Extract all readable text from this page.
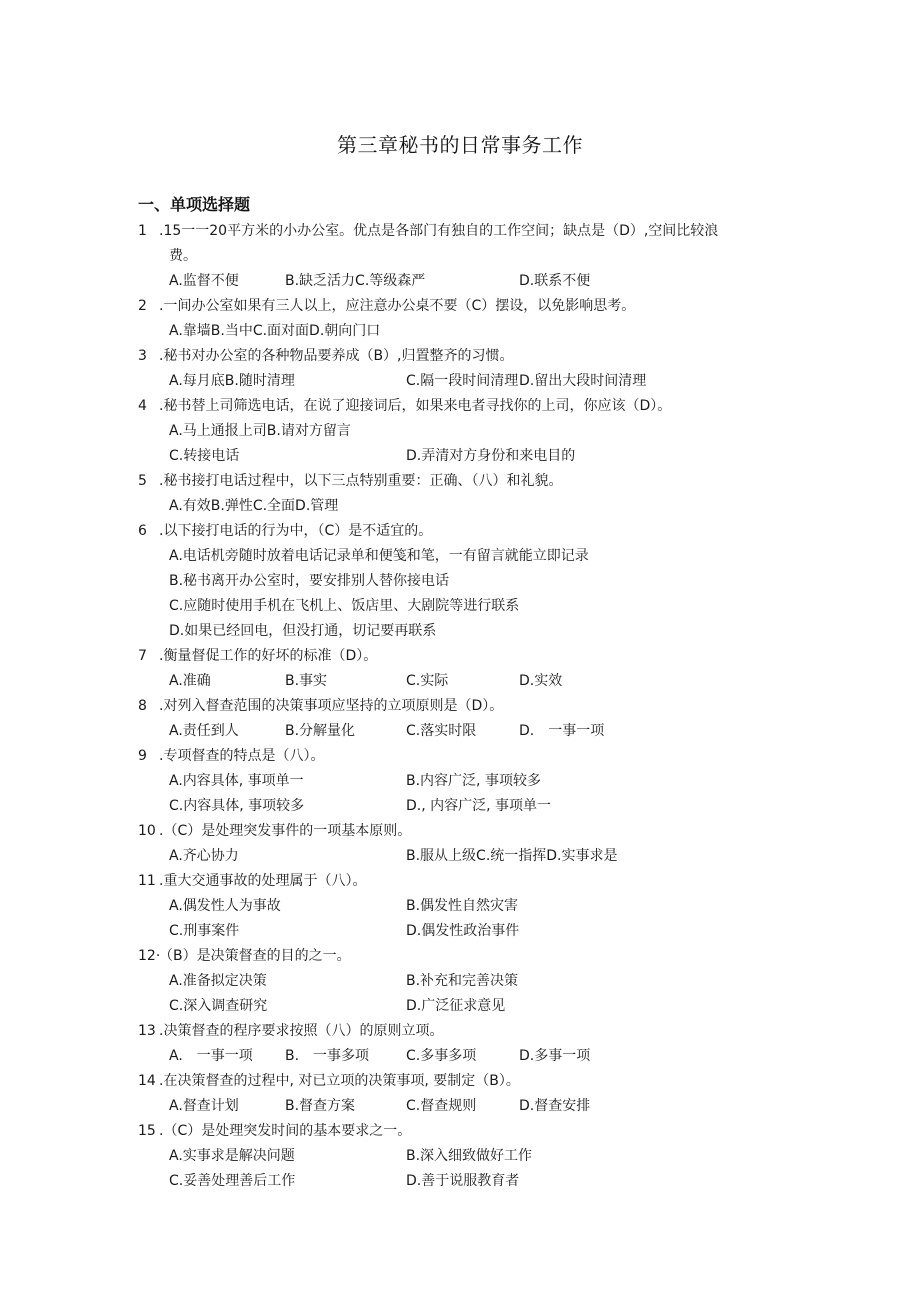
第三章秘书的日常事务工作
一、单项选择题
1 .15一一20平方米的小办公室。优点是各部门有独自的工作空间；缺点是（D）,空间比较浪
费。
A.监督不便	B.缺乏活力C.等级森严	D.联系不便
2 .一间办公室如果有三人以上，应注意办公桌不要（C）摆设，以免影响思考。
A.靠墙B.当中C.面对面D.朝向门口
3 .秘书对办公室的各种物品要养成（B）,归置整齐的习惯。
A.每月底B.随时清理	C.隔一段时间清理 D.留出大段时间清理
4 .秘书替上司筛选电话，在说了迎接词后，如果来电者寻找你的上司，你应该（D）。
A.马上通报上司B.请对方留言
C.转接电话	D.弄清对方身份和来电目的
5 .秘书接打电话过程中，以下三点特别重要：正确、（八）和礼貌。
A.有效B.弹性C.全面D.管理
6 .以下接打电话的行为中，（C）是不适宜的。
A.电话机旁随时放着电话记录单和便笺和笔，一有留言就能立即记录
B.秘书离开办公室时，要安排别人替你接电话
C.应随时使用手机在飞机上、饭店里、大剧院等进行联系
D.如果已经回电，但没打通，切记要再联系
7 .衡量督促工作的好坏的标准（D）。
A.准确	B.事实	C.实际	D.实效
8 .对列入督查范围的决策事项应坚持的立项原则是（D）。
A.责任到人	B.分解量化	C.落实时限	D.　一事一项
9 .专项督查的特点是（八）。
A.内容具体, 事项单一	B.内容广泛, 事项较多
C.内容具体, 事项较多	D., 内容广泛, 事项单一
10 .（C）是处理突发事件的一项基本原则。
A.齐心协力	B.服从上级C.统一指挥D.实事求是
11 .重大交通事故的处理属于（八）。
A.偶发性人为事故	B.偶发性自然灾害
C.刑事案件	D.偶发性政治事件
12·
（B）是决策督查的目的之一。
A.准备拟定决策	B.补充和完善决策
C.深入调查研究	D.广泛征求意见
13 .决策督查的程序要求按照（八）的原则立项。
A.　一事一项 B.　一事多项	C.多事多项	D.多事一项
14 .在决策督查的过程中, 对已立项的决策事项, 要制定（B）。
A.督查计划	B.督查方案	C.督查规则	D.督查安排
15 .（C）是处理突发时间的基本要求之一。
A.实事求是解决问题	B.深入细致做好工作
C.妥善处理善后工作	D.善于说服教育者
